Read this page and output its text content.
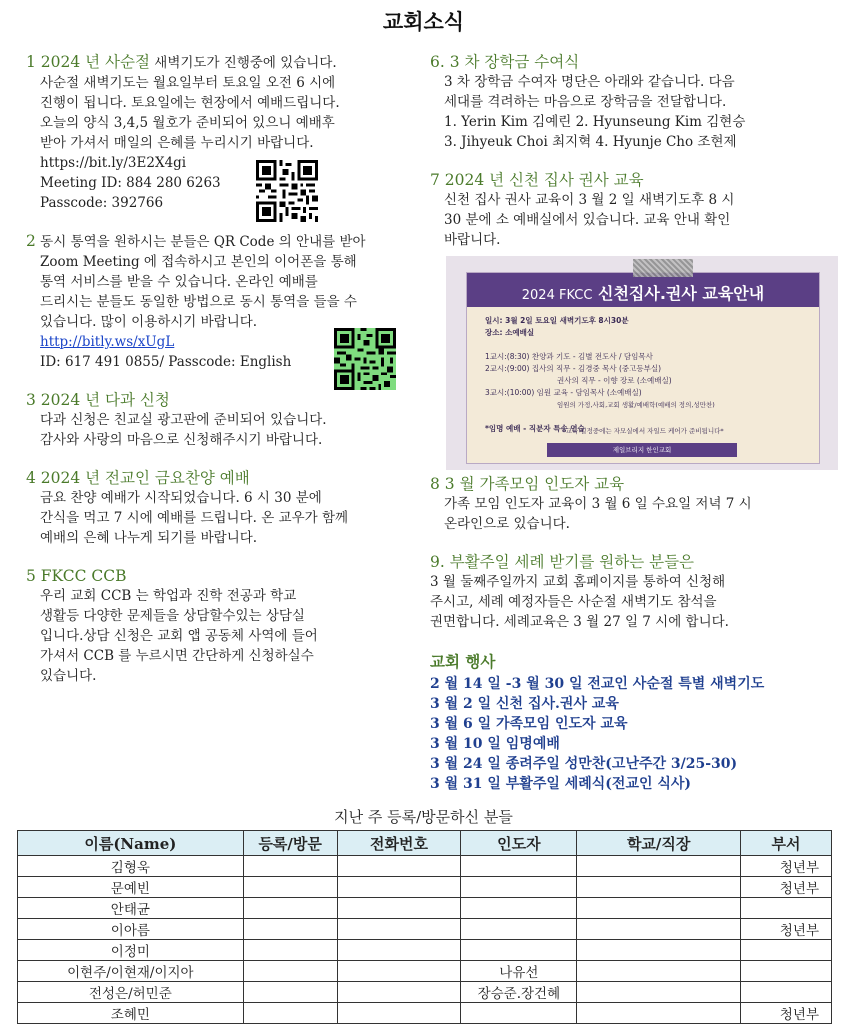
교회소식
1 2024 년 사순절 새벽기도가 진행중에 있습니다.

사순절 새벽기도는 월요일부터 토요일 오전 6 시에

진행이 됩니다. 토요일에는 현장에서 예배드립니다.

오늘의 양식 3,4,5 월호가 준비되어 있으니 예배후

받아 가셔서 매일의 은혜를 누리시기 바랍니다.

https://bit.ly/3E2X4gi

Meeting ID: 884 280 6263

Passcode: 392766

2 동시 통역을 원하시는 분들은 QR Code 의 안내를 받아

Zoom Meeting 에 접속하시고 본인의 이어폰을 통해

통역 서비스를 받을 수 있습니다. 온라인 예배를

드리시는 분들도 동일한 방법으로 동시 통역을 들을 수

있습니다. 많이 이용하시기 바랍니다.

http://bitly.ws/xUgL

ID: 617 491 0855/ Passcode: English

3 2024 년 다과 신청

다과 신청은 친교실 광고판에 준비되어 있습니다.

감사와 사랑의 마음으로 신청해주시기 바랍니다.

4 2024 년 전교인 금요찬양 예배

금요 찬양 예배가 시작되었습니다. 6 시 30 분에

간식을 먹고 7 시에 예배를 드립니다. 온 교우가 함께

예배의 은혜 나누게 되기를 바랍니다.

5 FKCC CCB

우리 교회 CCB 는 학업과 진학 전공과 학교

생활등 다양한 문제들을 상담할수있는 상담실

입니다.상담 신청은 교회 앱 공동체 사역에 들어

가셔서 CCB 를 누르시면 간단하게 신청하실수

있습니다.

6. 3 차 장학금 수여식

3 차 장학금 수여자 명단은 아래와 같습니다. 다음

세대를 격려하는 마음으로 장학금을 전달합니다.

1. Yerin Kim 김예린 2. Hyunseung Kim 김현승

3. Jihyeuk Choi 최지혁 4. Hyunje Cho 조현제

7 2024 년 신천 집사 권사 교육

신천 집사 권사 교육이 3 월 2 일 새벽기도후 8 시

30 분에 소 예배실에서 있습니다. 교육 안내 확인

바랍니다.

2024 FKCC 신천집사.권사 교육안내
일시: 3월 2일 토요일 새벽기도후 8시30분
장소: 소예배실

1교시:(8:30) 찬양과 기도 - 김별 전도사 / 담임목사
2교시:(9:00) 집사의 직무 - 김경중 목사 (중고등부실)
권사의 직무 - 이향 장로 (소예배실)
3교시:(10:00) 임원 교육 - 담임목사 (소예배실)
임원의 가정,사회,교회 생활/예배학(예배의 정의,성만찬)

*임명 예배 - 직분자 특송 연습
*교육 일정중에는 자모실에서 자일드 케어가 준비됩니다*
제일브리지 한인교회
8 3 월 가족모임 인도자 교육

가족 모임 인도자 교육이 3 월 6 일 수요일 저녁 7 시

온라인으로 있습니다.

9. 부활주일 세례 받기를 원하는 분들은

3 월 둘째주일까지 교회 홈페이지를 통하여 신청해

주시고, 세례 예정자들은 사순절 새벽기도 참석을

권면합니다. 세례교육은 3 월 27 일 7 시에 합니다.

교회 행사
2 월 14 일 -3 월 30 일 전교인 사순절 특별 새벽기도
3 월 2 일 신천 집사.권사 교육
3 월 6 일 가족모임 인도자 교육
3 월 10 일 임명예배
3 월 24 일 종려주일 성만찬(고난주간 3/25-30)
3 월 31 일 부활주일 세례식(전교인 식사)
지난 주 등록/방문하신 분들
이름(Name)	등록/방문	전화번호	인도자	학교/직장	부서
김형욱					청년부
문예빈					청년부
안태균					
이아름					청년부
이정미					
이현주/이현재/이지아			나유선		
전성은/허민준			장승준.장건혜		
조혜민					청년부
